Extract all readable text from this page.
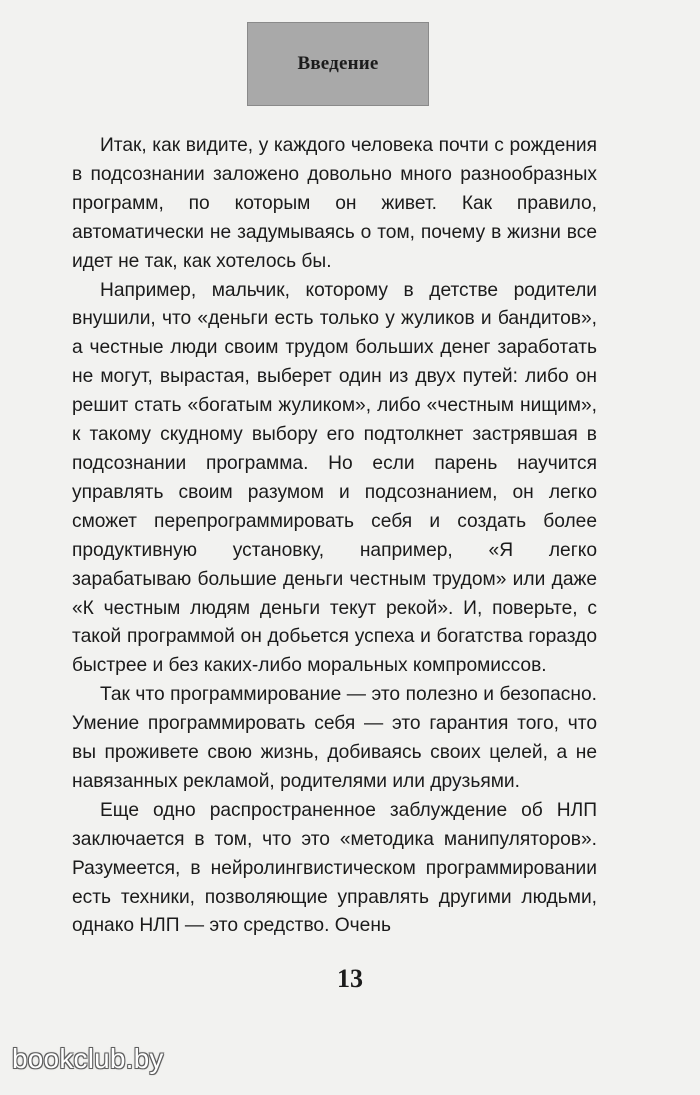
Введение

Итак, как видите, у каждого человека почти с рождения в подсознании заложено довольно много разнообразных программ, по которым он живет. Как правило, автоматически не задумываясь о том, почему в жизни все идет не так, как хотелось бы.

Например, мальчик, которому в детстве родители внушили, что «деньги есть только у жуликов и бандитов», а честные люди своим трудом больших денег заработать не могут, вырастая, выберет один из двух путей: либо он решит стать «богатым жуликом», либо «честным нищим», к такому скудному выбору его подтолкнет застрявшая в подсознании программа. Но если парень научится управлять своим разумом и подсознанием, он легко сможет перепрограммировать себя и создать более продуктивную установку, например, «Я легко зарабатываю большие деньги честным трудом» или даже «К честным людям деньги текут рекой». И, поверьте, с такой программой он добьется успеха и богатства гораздо быстрее и без каких-либо моральных компромиссов.

Так что программирование — это полезно и безопасно. Умение программировать себя — это гарантия того, что вы проживете свою жизнь, добиваясь своих целей, а не навязанных рекламой, родителями или друзьями.

Еще одно распространенное заблуждение об НЛП заключается в том, что это «методика манипуляторов». Разумеется, в нейролингвистическом программировании есть техники, позволяющие управлять другими людьми, однако НЛП — это средство. Очень

13
bookclub.by
